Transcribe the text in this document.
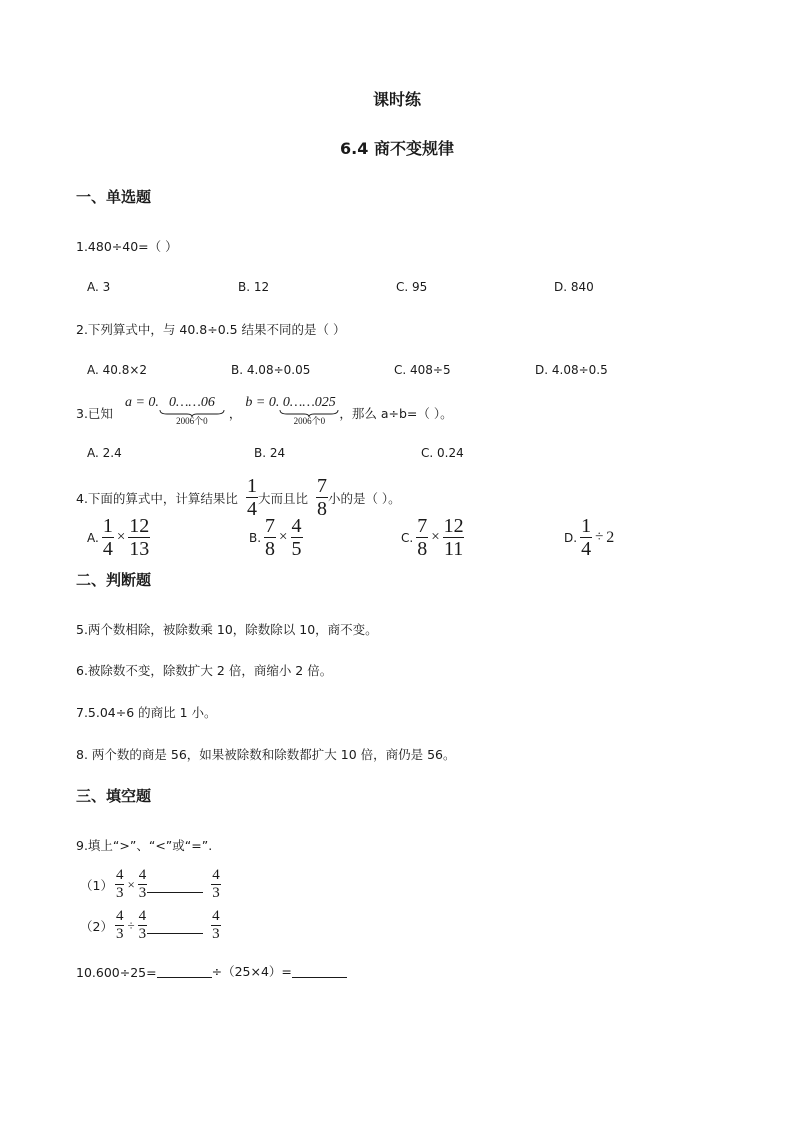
课时练
6.4 商不变规律
一、单选题
1.480÷40=（ ）
A. 3	B. 12	C. 95	D. 840
2.下列算式中，与 40.8÷0.5 结果不同的是（ ）
A. 40.8×2	B. 4.08÷0.05	C. 408÷5	D. 4.08÷0.5
3.已知
a = 0. 0……06
2006个0 ，
b = 0. 0……025
2006个0 ，那么 a÷b=（ ）。
A. 2.4	B. 24	C. 0.24
4.下面的算式中，计算结果比 $\frac{1}{4}$ 大而且比 $\frac{7}{8}$ 小的是（ ）。
A. $\frac{1}{4} \times \frac{12}{13}$	B. $\frac{7}{8} \times \frac{4}{5}$	C. $\frac{7}{8} \times \frac{12}{11}$	D. $\frac{1}{4} \div 2$
二、判断题
5.两个数相除，被除数乘 10，除数除以 10，商不变。
6.被除数不变，除数扩大 2 倍，商缩小 2 倍。
7.5.04÷6 的商比 1 小。
8. 两个数的商是 56，如果被除数和除数都扩大 10 倍，商仍是 56。
三、填空题
9.填上“>”、“<”或“=”.
$(1) \frac{4}{3} \times \frac{4}{3}$	$\frac{4}{3}$
$(2) \frac{4}{3} \div \frac{4}{3}$	$\frac{4}{3}$
10.600÷25=	÷（25×4）=
